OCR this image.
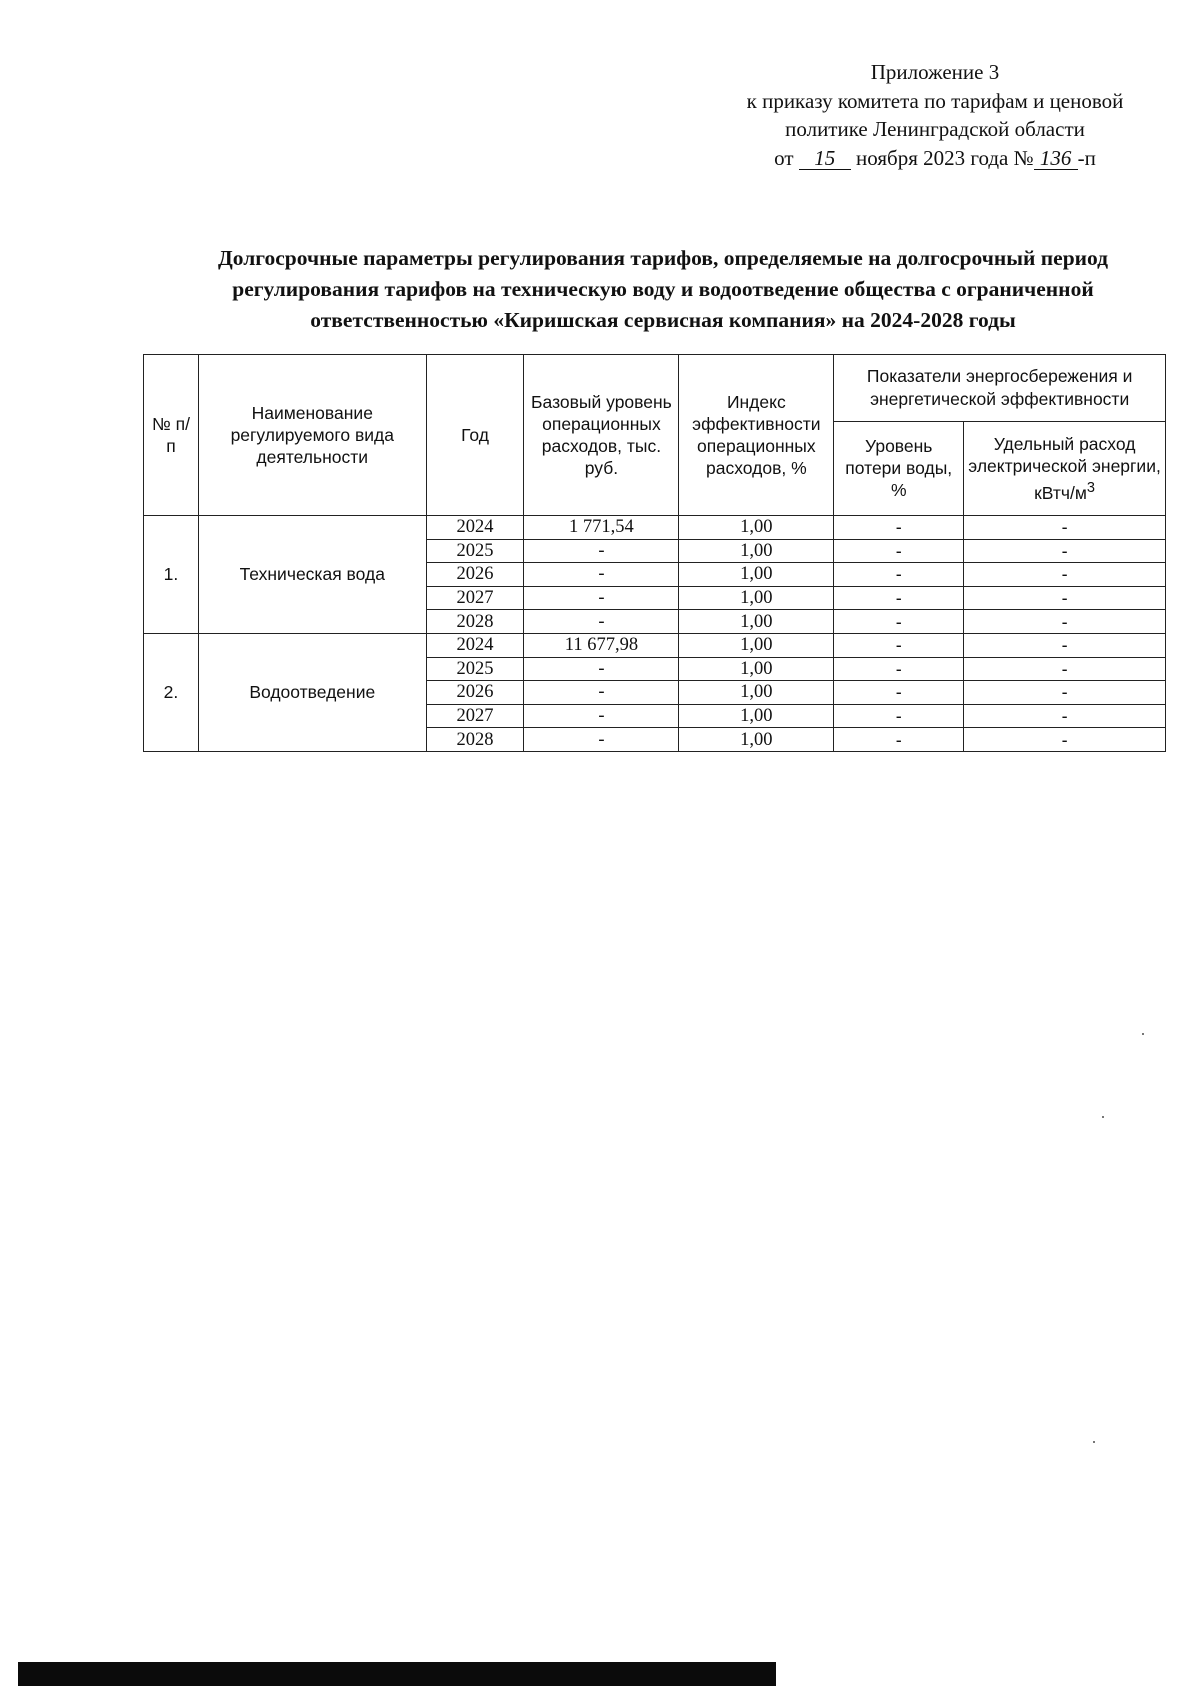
Приложение 3
к приказу комитета по тарифам и ценовой
политике Ленинградской области
от 15 ноября 2023 года № 136 -п
Долгосрочные параметры регулирования тарифов, определяемые на долгосрочный период
регулирования тарифов на техническую воду и водоотведение общества с ограниченной
ответственностью «Киришская сервисная компания» на 2024-2028 годы
№ п/п	Наименование регулируемого вида деятельности	Год	Базовый уровень операционных расходов, тыс. руб.	Индекс эффективности операционных расходов, %	Показатели энергосбережения и энергетической эффективности	
					Уровень потери воды, %	Удельный расход электрической энергии, кВтч/$м^3$
1.	Техническая вода	2024	1 771,54	1,00	-	-
		2025	-	1,00	-	-
		2026	-	1,00	-	-
		2027	-	1,00	-	-
		2028	-	1,00	-	-
2.	Водоотведение	2024	11 677,98	1,00	-	-
		2025	-	1,00	-	-
		2026	-	1,00	-	-
		2027	-	1,00	-	-
		2028	-	1,00	-	-
